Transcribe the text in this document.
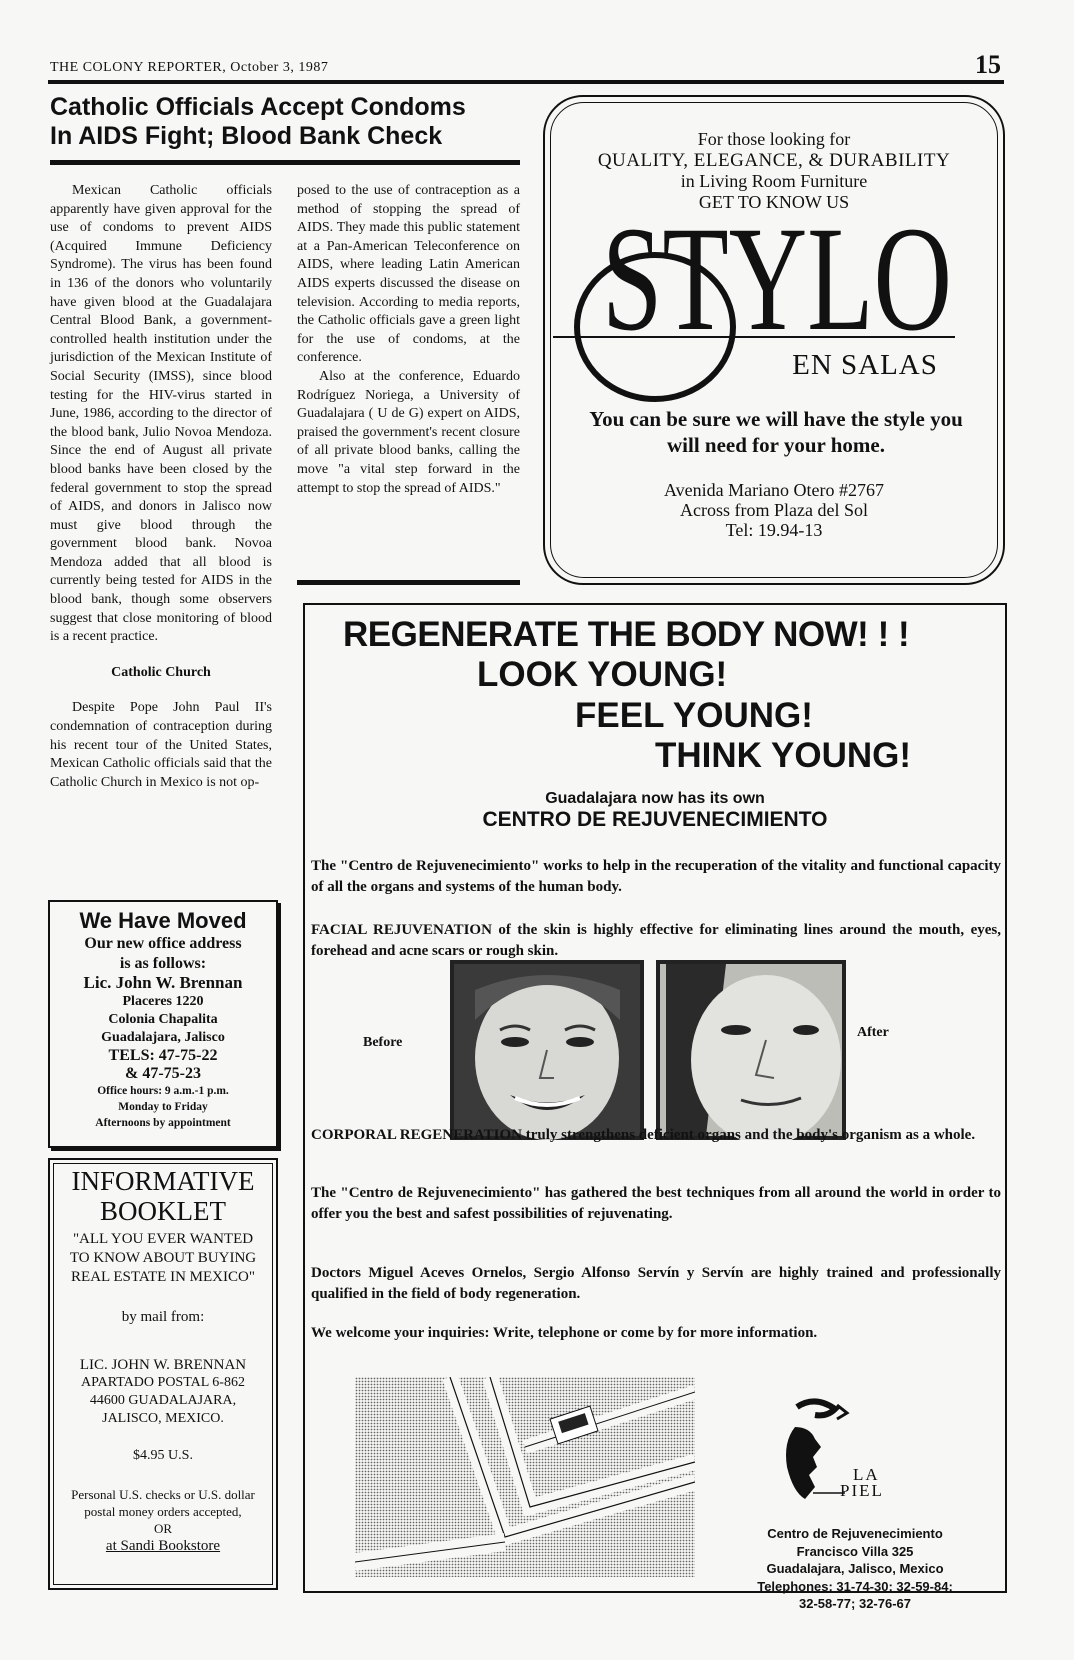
THE COLONY REPORTER, October 3, 1987	15
Catholic Officials Accept Condoms
In AIDS Fight; Blood Bank Check

Mexican Catholic officials apparently have given approval for the use of condoms to prevent AIDS (Acquired Immune Deficiency Syndrome). The virus has been found in 136 of the donors who voluntarily have given blood at the Guadalajara Central Blood Bank, a government-controlled health institution under the jurisdiction of the Mexican Institute of Social Security (IMSS), since blood testing for the HIV-virus started in June, 1986, according to the director of the blood bank, Julio Novoa Mendoza. Since the end of August all private blood banks have been closed by the federal government to stop the spread of AIDS, and donors in Jalisco now must give blood through the government blood bank. Novoa Mendoza added that all blood is currently being tested for AIDS in the blood bank, though some observers suggest that close monitoring of blood is a recent practice.

Catholic Church

Despite Pope John Paul II's condemnation of contraception during his recent tour of the United States, Mexican Catholic officials said that the Catholic Church in Mexico is not op-

posed to the use of contraception as a method of stopping the spread of AIDS. They made this public statement at a Pan-American Teleconference on AIDS, where leading Latin American AIDS experts discussed the disease on television. According to media reports, the Catholic officials gave a green light for the use of condoms, at the conference.

Also at the conference, Eduardo Rodríguez Noriega, a University of Guadalajara ( U de G) expert on AIDS, praised the government's recent closure of all private blood banks, calling the move "a vital step forward in the attempt to stop the spread of AIDS."

For those looking for
QUALITY, ELEGANCE, & DURABILITY
in Living Room Furniture
GET TO KNOW US
STYLO
EN SALAS
You can be sure we will have the style you will need for your home.
Avenida Mariano Otero #2767
Across from Plaza del Sol
Tel: 19.94-13
We Have Moved
Our new office address
is as follows:
Lic. John W. Brennan
Placeres 1220
Colonia Chapalita
Guadalajara, Jalisco
TELS: 47-75-22
& 47-75-23
Office hours: 9 a.m.-1 p.m.
Monday to Friday
Afternoons by appointment
INFORMATIVE
BOOKLET
"ALL YOU EVER WANTED TO KNOW ABOUT BUYING REAL ESTATE IN MEXICO"
by mail from:
LIC. JOHN W. BRENNAN
APARTADO POSTAL 6-862
44600 GUADALAJARA,
JALISCO, MEXICO.
$4.95 U.S.
Personal U.S. checks or U.S. dollar postal money orders accepted,
OR
at Sandi Bookstore
REGENERATE THE BODY NOW! ! !
LOOK YOUNG!
FEEL YOUNG!
THINK YOUNG!
Guadalajara now has its own
CENTRO DE REJUVENECIMIENTO
The "Centro de Rejuvenecimiento" works to help in the recuperation of the vitality and functional capacity of all the organs and systems of the human body.
FACIAL REJUVENATION of the skin is highly effective for eliminating lines around the mouth, eyes, forehead and acne scars or rough skin.
Before
After
CORPORAL REGENERATION truly strengthens deficient organs and the body's organism as a whole.
The "Centro de Rejuvenecimiento" has gathered the best techniques from all around the world in order to offer you the best and safest possibilities of rejuvenating.
Doctors Miguel Aceves Ornelos, Sergio Alfonso Servín y Servín are highly trained and professionally qualified in the field of body regeneration.
We welcome your inquiries: Write, telephone or come by for more information.
LA
PIEL
Centro de Rejuvenecimiento
Francisco Villa 325
Guadalajara, Jalisco, Mexico
Telephones: 31-74-30; 32-59-84;
32-58-77; 32-76-67
